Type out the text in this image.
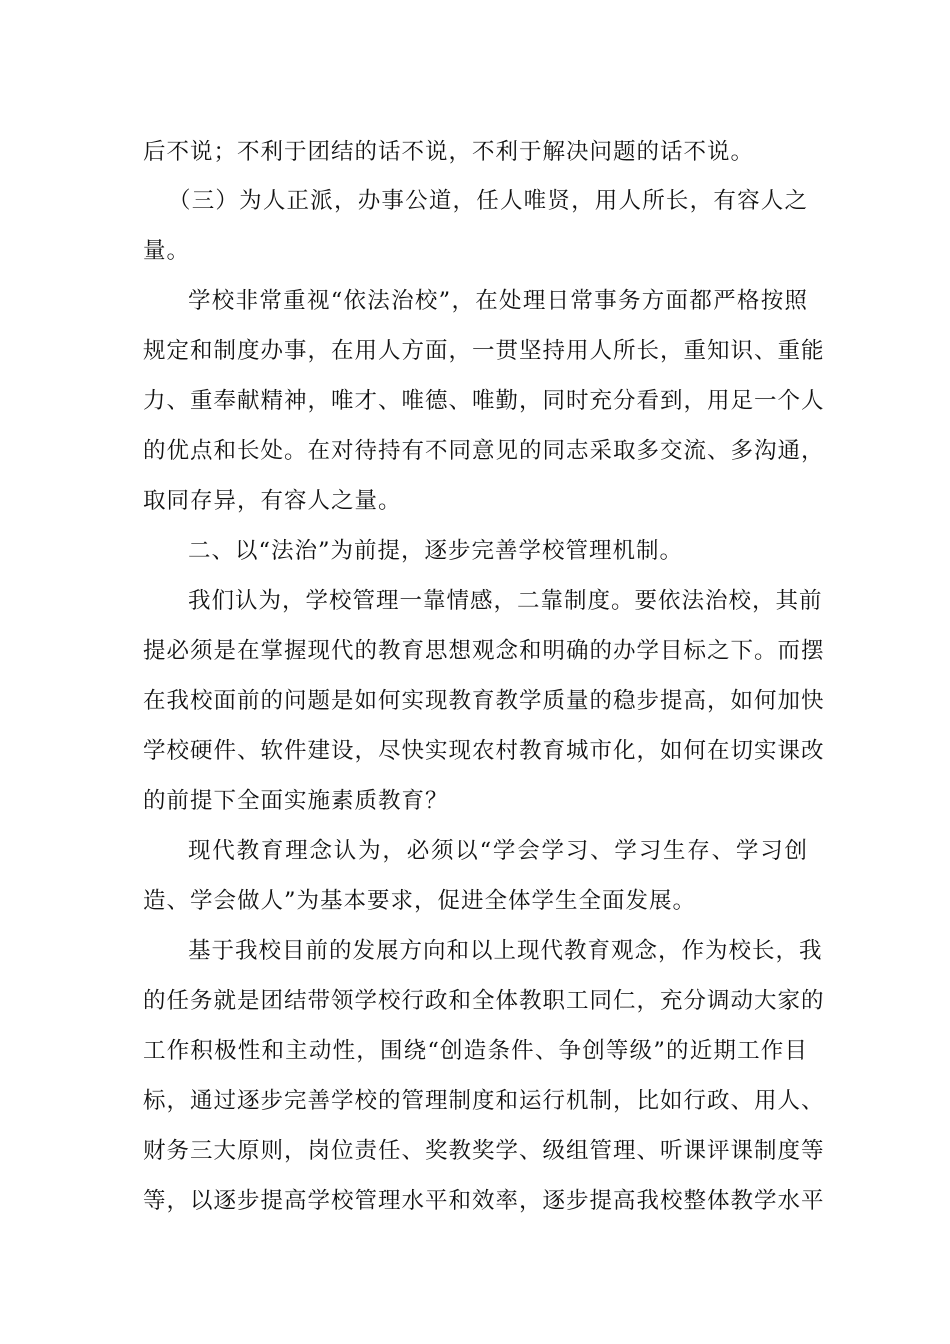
后不说；不利于团结的话不说，不利于解决问题的话不说。
（三）为人正派，办事公道，任人唯贤，用人所长，有容人之
量。
学校非常重视“依法治校”，在处理日常事务方面都严格按照
规定和制度办事，在用人方面，一贯坚持用人所长，重知识、重能
力、重奉献精神，唯才、唯德、唯勤，同时充分看到，用足一个人
的优点和长处。在对待持有不同意见的同志采取多交流、多沟通，
取同存异，有容人之量。
二、以“法治”为前提，逐步完善学校管理机制。
我们认为，学校管理一靠情感，二靠制度。要依法治校，其前
提必须是在掌握现代的教育思想观念和明确的办学目标之下。而摆
在我校面前的问题是如何实现教育教学质量的稳步提高，如何加快
学校硬件、软件建设，尽快实现农村教育城市化，如何在切实课改
的前提下全面实施素质教育？
现代教育理念认为，必须以“学会学习、学习生存、学习创
造、学会做人”为基本要求，促进全体学生全面发展。
基于我校目前的发展方向和以上现代教育观念，作为校长，我
的任务就是团结带领学校行政和全体教职工同仁，充分调动大家的
工作积极性和主动性，围绕“创造条件、争创等级”的近期工作目
标，通过逐步完善学校的管理制度和运行机制，比如行政、用人、
财务三大原则，岗位责任、奖教奖学、级组管理、听课评课制度等
等，以逐步提高学校管理水平和效率，逐步提高我校整体教学水平
